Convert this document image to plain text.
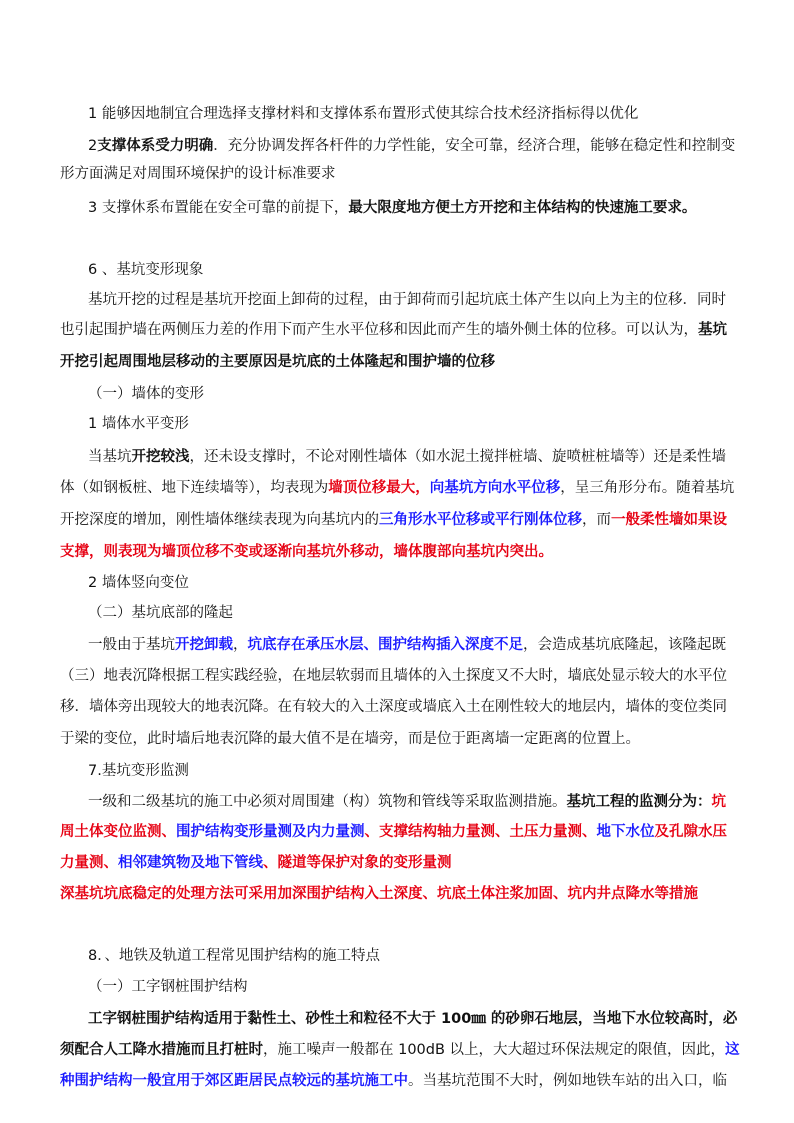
1 能够因地制宜合理选择支撑材料和支撑体系布置形式使其综合技术经济指标得以优化
2支撑体系受力明确．充分协调发挥各杆件的力学性能，安全可靠，经济合理，能够在稳定性和控制变
形方面满足对周围环境保护的设计标准要求
3 支撑休系布置能在安全可靠的前提下，最大限度地方便土方开挖和主体结构的快速施工要求。
6 、基坑变形现象
基坑开挖的过程是基坑开挖面上卸荷的过程，由于卸荷而引起坑底土体产生以向上为主的位移．同时
也引起围护墙在两侧压力差的作用下而产生水平位移和因此而产生的墙外侧土体的位移。可以认为，基坑
开挖引起周围地层移动的主要原因是坑底的土体隆起和围护墙的位移
（一）墙体的变形
1 墙体水平变形
当基坑开挖较浅，还未设支撑时，不论对刚性墙体（如水泥土搅拌桩墙、旋喷桩桩墙等）还是柔性墙
体（如钢板桩、地下连续墙等），均表现为墙顶位移最大，向基坑方向水平位移，呈三角形分布。随着基坑
开挖深度的增加，刚性墙体继续表现为向基坑内的三角形水平位移或平行刚体位移，而一般柔性墙如果设
支撑，则表现为墙顶位移不变或逐渐向基坑外移动，墙体腹部向基坑内突出。
2 墙体竖向变位
（二）基坑底部的隆起
一般由于基坑开挖卸载，坑底存在承压水层、围护结构插入深度不足，会造成基坑底隆起，该隆起既
（三）地表沉降根据工程实践经验，在地层软弱而且墙体的入土探度又不大时，墙底处显示较大的水平位
移．墙体旁出现较大的地表沉降。在有较大的入土深度或墙底入土在刚性较大的地层内，墙体的变位类同
于梁的变位，此时墙后地表沉降的最大值不是在墙旁，而是位于距离墙一定距离的位置上。
7.基坑变形监测
一级和二级基坑的施工中必须对周围建（构）筑物和管线等采取监测措施。基坑工程的监测分为：坑
周土体变位监测、围护结构变形量测及内力量测、支撑结构轴力量测、土压力量测、地下水位及孔隙水压
力量测、相邻建筑物及地下管线、隧道等保护对象的变形量测
深基坑坑底稳定的处理方法可采用加深围护结构入土深度、坑底土体注浆加固、坑内井点降水等措施
8．、地铁及轨道工程常见围护结构的施工特点
（一）工字钢桩围护结构
工字钢桩围护结构适用于黏性土、砂性土和粒径不大于 100㎜ 的砂卵石地层，当地下水位较高时，必
须配合人工降水措施而且打桩时，施工噪声一般都在 100dB 以上，大大超过环保法规定的限值，因此，这
种围护结构一般宜用于郊区距居民点较远的基坑施工中。当基坑范围不大时，例如地铁车站的出入口，临
